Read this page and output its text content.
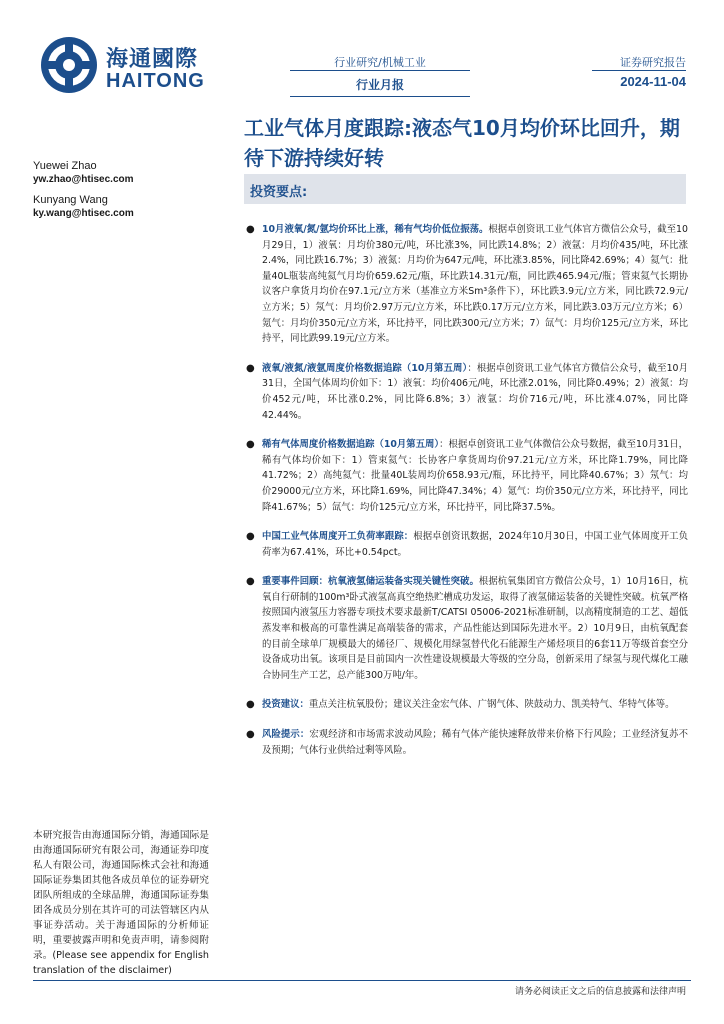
海通國際
HAITONG
行业研究/机械工业
行业月报
证券研究报告
2024-11-04
工业气体月度跟踪:液态气10月均价环比回升，期待下游持续好转
Yuewei Zhao
yw.zhao@htisec.com
Kunyang Wang
ky.wang@htisec.com
投资要点:
● 10月液氧/氮/氩均价环比上涨，稀有气均价低位振荡。根据卓创资讯工业气体官方微信公众号，截至10月29日，1）液氧：月均价380元/吨，环比涨3%，同比跌14.8%；2）液氩：月均价435/吨，环比涨2.4%，同比跌16.7%；3）液氮：月均价为647元/吨，环比涨3.85%，同比降42.69%；4）氦气：批量40L瓶装高纯氦气月均价659.62元/瓶，环比跌14.31元/瓶，同比跌465.94元/瓶；管束氦气长期协议客户拿货月均价在97.1元/立方米（基准立方米Sm³条件下），环比跌3.9元/立方米，同比跌72.9元/立方米；5）氖气：月均价2.97万元/立方米，环比跌0.17万元/立方米，同比跌3.03万元/立方米；6）氪气：月均价350元/立方米，环比持平，同比跌300元/立方米；7）氙气：月均价125元/立方米，环比持平，同比跌99.19元/立方米。
● 液氧/液氮/液氩周度价格数据追踪（10月第五周）：根据卓创资讯工业气体官方微信公众号，截至10月31日，全国气体周均价如下：1）液氧：均价406元/吨，环比涨2.01%，同比降0.49%；2）液氮：均价452元/吨，环比涨0.2%，同比降6.8%；3）液氩：均价716元/吨，环比涨4.07%，同比降42.44%。
● 稀有气体周度价格数据追踪（10月第五周）：根据卓创资讯工业气体微信公众号数据，截至10月31日，稀有气体均价如下：1）管束氦气：长协客户拿货周均价97.21元/立方米，环比降1.79%，同比降41.72%；2）高纯氦气：批量40L装周均价658.93元/瓶，环比持平，同比降40.67%；3）氖气：均价29000元/立方米，环比降1.69%，同比降47.34%；4）氪气：均价350元/立方米，环比持平，同比降41.67%；5）氙气：均价125元/立方米，环比持平，同比降37.5%。
● 中国工业气体周度开工负荷率跟踪：根据卓创资讯数据，2024年10月30日，中国工业气体周度开工负荷率为67.41%，环比+0.54pct。
● 重要事件回顾：杭氧液氢储运装备实现关键性突破。根据杭氧集团官方微信公众号，1）10月16日，杭氧自行研制的100m³卧式液氢高真空绝热贮槽成功发运，取得了液氢储运装备的关键性突破。杭氧严格按照国内液氢压力容器专项技术要求最新T/CATSI 05006-2021标准研制，以高精度制造的工艺、超低蒸发率和极高的可靠性满足高端装备的需求，产品性能达到国际先进水平。2）10月9日，由杭氧配套的目前全球单厂规模最大的烯径厂、规模化用绿氢替代化石能源生产烯烃项目的6套11万等级首套空分设备成功出氧。该项目是目前国内一次性建设规模最大等级的空分岛，创新采用了绿氢与现代煤化工融合协同生产工艺，总产能300万吨/年。
● 投资建议：重点关注杭氧股份；建议关注金宏气体、广钢气体、陕鼓动力、凯美特气、华特气体等。
● 风险提示：宏观经济和市场需求波动风险；稀有气体产能快速释放带来价格下行风险；工业经济复苏不及预期；气体行业供给过剩等风险。
本研究报告由海通国际分销，海通国际是由海通国际研究有限公司，海通证券印度私人有限公司，海通国际株式会社和海通国际证券集团其他各成员单位的证券研究团队所组成的全球品牌，海通国际证券集团各成员分别在其许可的司法管辖区内从事证券活动。关于海通国际的分析师证明，重要披露声明和免责声明，请参阅附录。(Please see appendix for English translation of the disclaimer)
请务必阅读正文之后的信息披露和法律声明
